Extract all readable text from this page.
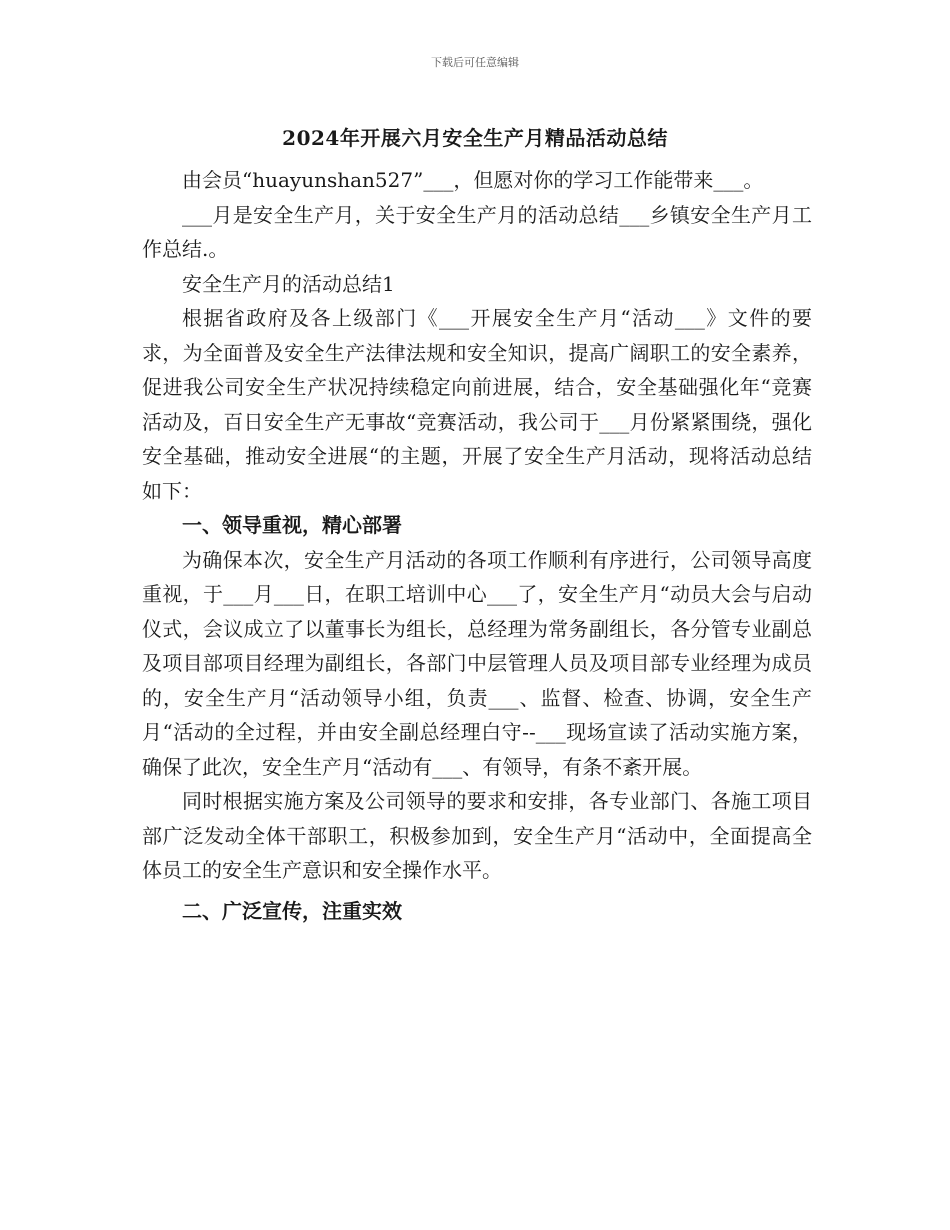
下载后可任意编辑
2024年开展六月安全生产月精品活动总结

由会员“huayunshan527”___，但愿对你的学习工作能带来___。

___月是安全生产月，关于安全生产月的活动总结___乡镇安全生产月工作总结.。

安全生产月的活动总结1

根据省政府及各上级部门《___开展安全生产月“活动___》文件的要求，为全面普及安全生产法律法规和安全知识，提高广阔职工的安全素养，促进我公司安全生产状况持续稳定向前进展，结合，安全基础强化年“竞赛活动及，百日安全生产无事故“竞赛活动，我公司于___月份紧紧围绕，强化安全基础，推动安全进展“的主题，开展了安全生产月活动，现将活动总结如下：

一、领导重视，精心部署

为确保本次，安全生产月活动的各项工作顺利有序进行，公司领导高度重视，于___月___日，在职工培训中心___了，安全生产月“动员大会与启动仪式，会议成立了以董事长为组长，总经理为常务副组长，各分管专业副总及项目部项目经理为副组长，各部门中层管理人员及项目部专业经理为成员的，安全生产月“活动领导小组，负责___、监督、检查、协调，安全生产月“活动的全过程，并由安全副总经理白守--___现场宣读了活动实施方案，确保了此次，安全生产月“活动有___、有领导，有条不紊开展。

同时根据实施方案及公司领导的要求和安排，各专业部门、各施工项目部广泛发动全体干部职工，积极参加到，安全生产月“活动中，全面提高全体员工的安全生产意识和安全操作水平。

二、广泛宣传，注重实效
